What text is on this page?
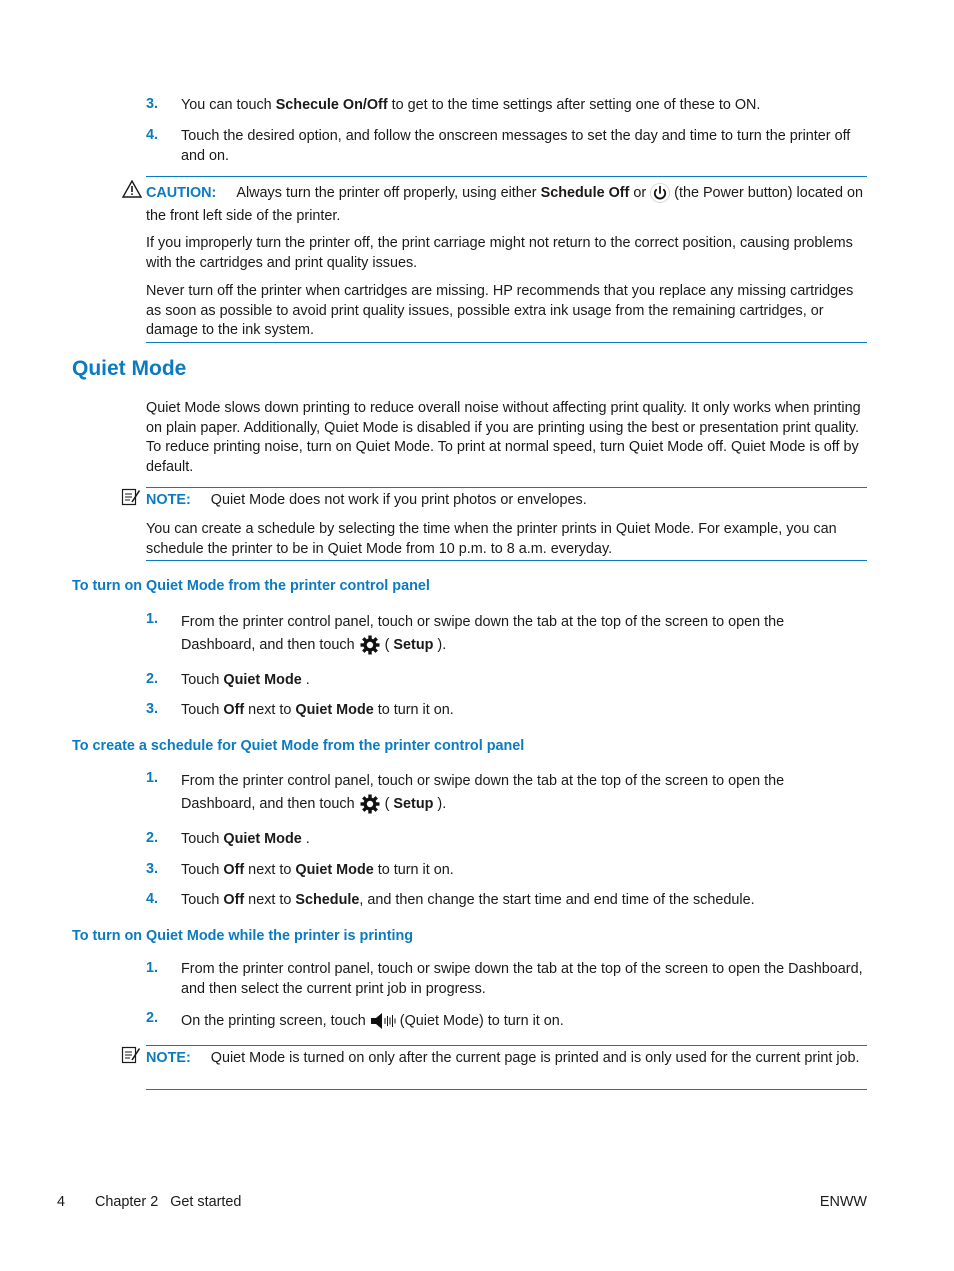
3. You can touch Schecule On/Off to get to the time settings after setting one of these to ON.
4. Touch the desired option, and follow the onscreen messages to set the day and time to turn the printer off and on.
CAUTION: Always turn the printer off properly, using either Schedule Off or  (the Power button) located on the front left side of the printer.
If you improperly turn the printer off, the print carriage might not return to the correct position, causing problems with the cartridges and print quality issues.
Never turn off the printer when cartridges are missing. HP recommends that you replace any missing cartridges as soon as possible to avoid print quality issues, possible extra ink usage from the remaining cartridges, or damage to the ink system.
Quiet Mode
Quiet Mode slows down printing to reduce overall noise without affecting print quality. It only works when printing on plain paper. Additionally, Quiet Mode is disabled if you are printing using the best or presentation print quality. To reduce printing noise, turn on Quiet Mode. To print at normal speed, turn Quiet Mode off. Quiet Mode is off by default.
NOTE: Quiet Mode does not work if you print photos or envelopes.
You can create a schedule by selecting the time when the printer prints in Quiet Mode. For example, you can schedule the printer to be in Quiet Mode from 10 p.m. to 8 a.m. everyday.
To turn on Quiet Mode from the printer control panel
1. From the printer control panel, touch or swipe down the tab at the top of the screen to open the
Dashboard, and then touch  ( Setup ).
2. Touch Quiet Mode .
3. Touch Off next to Quiet Mode to turn it on.
To create a schedule for Quiet Mode from the printer control panel
1. From the printer control panel, touch or swipe down the tab at the top of the screen to open the
Dashboard, and then touch  ( Setup ).
2. Touch Quiet Mode .
3. Touch Off next to Quiet Mode to turn it on.
4. Touch Off next to Schedule, and then change the start time and end time of the schedule.
To turn on Quiet Mode while the printer is printing
1. From the printer control panel, touch or swipe down the tab at the top of the screen to open the Dashboard, and then select the current print job in progress.
2. On the printing screen, touch  (Quiet Mode) to turn it on.
NOTE: Quiet Mode is turned on only after the current page is printed and is only used for the current print job.
4 Chapter 2   Get started	ENWW
